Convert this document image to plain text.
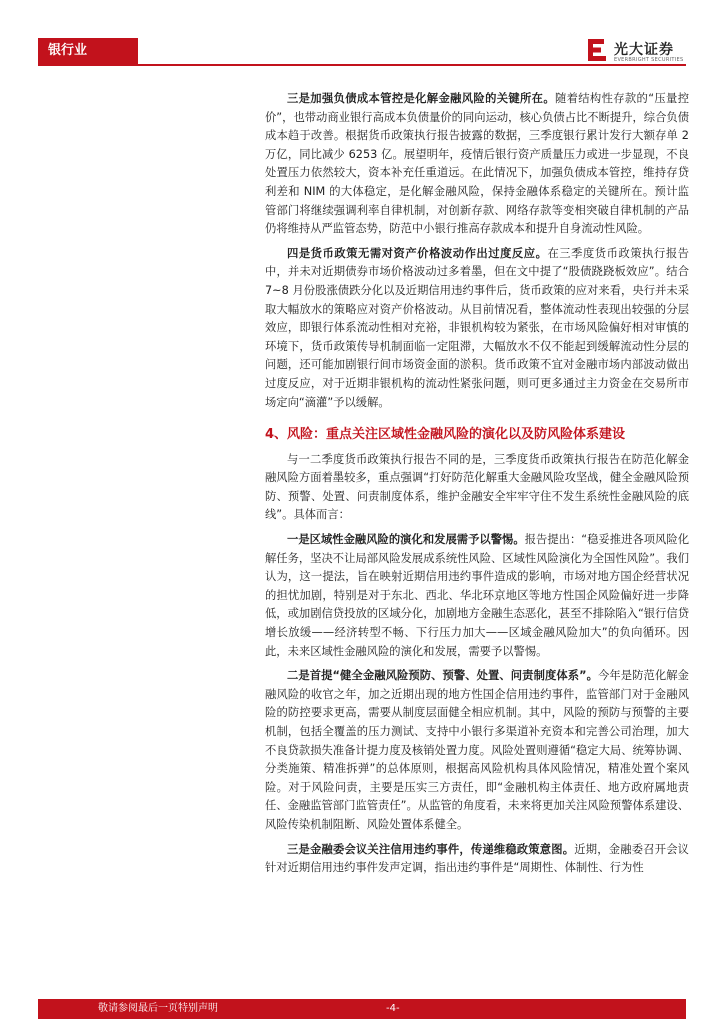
银行业	光大证券
EVERBRIGHT SECURITIES

三是加强负债成本管控是化解金融风险的关键所在。随着结构性存款的“压量控价”，也带动商业银行高成本负债量价的同向运动，核心负债占比不断提升，综合负债成本趋于改善。根据货币政策执行报告披露的数据，三季度银行累计发行大额存单 2 万亿，同比减少 6253 亿。展望明年，疫情后银行资产质量压力或进一步显现，不良处置压力依然较大，资本补充任重道远。在此情况下，加强负债成本管控，维持存贷利差和 NIM 的大体稳定，是化解金融风险，保持金融体系稳定的关键所在。预计监管部门将继续强调利率自律机制，对创新存款、网络存款等变相突破自律机制的产品仍将维持从严监管态势，防范中小银行推高存款成本和提升自身流动性风险。

四是货币政策无需对资产价格波动作出过度反应。在三季度货币政策执行报告中，并未对近期债券市场价格波动过多着墨，但在文中提了“股债跷跷板效应”。结合 7~8 月份股涨债跌分化以及近期信用违约事件后，货币政策的应对来看，央行并未采取大幅放水的策略应对资产价格波动。从目前情况看，整体流动性表现出较强的分层效应，即银行体系流动性相对充裕，非银机构较为紧张，在市场风险偏好相对审慎的环境下，货币政策传导机制面临一定阻滞，大幅放水不仅不能起到缓解流动性分层的问题，还可能加剧银行间市场资金面的淤积。货币政策不宜对金融市场内部波动做出过度反应，对于近期非银机构的流动性紧张问题，则可更多通过主力资金在交易所市场定向“滴灌”予以缓解。

4、风险：重点关注区域性金融风险的演化以及防风险体系建设

与一二季度货币政策执行报告不同的是，三季度货币政策执行报告在防范化解金融风险方面着墨较多，重点强调“打好防范化解重大金融风险攻坚战，健全金融风险预防、预警、处置、问责制度体系，维护金融安全牢牢守住不发生系统性金融风险的底线”。具体而言：

一是区域性金融风险的演化和发展需予以警惕。报告提出：“稳妥推进各项风险化解任务，坚决不让局部风险发展成系统性风险、区域性风险演化为全国性风险”。我们认为，这一提法，旨在映射近期信用违约事件造成的影响，市场对地方国企经营状况的担忧加剧，特别是对于东北、西北、华北环京地区等地方性国企风险偏好进一步降低，或加剧信贷投放的区域分化，加剧地方金融生态恶化，甚至不排除陷入“银行信贷增长放缓——经济转型不畅、下行压力加大——区域金融风险加大”的负向循环。因此，未来区域性金融风险的演化和发展，需要予以警惕。

二是首提“健全金融风险预防、预警、处置、问责制度体系”。今年是防范化解金融风险的收官之年，加之近期出现的地方性国企信用违约事件，监管部门对于金融风险的防控要求更高，需要从制度层面健全相应机制。其中，风险的预防与预警的主要机制，包括全覆盖的压力测试、支持中小银行多渠道补充资本和完善公司治理，加大不良贷款损失准备计提力度及核销处置力度。风险处置则遵循“稳定大局、统筹协调、分类施策、精准拆弹”的总体原则，根据高风险机构具体风险情况，精准处置个案风险。对于风险问责，主要是压实三方责任，即“金融机构主体责任、地方政府属地责任、金融监管部门监管责任”。从监管的角度看，未来将更加关注风险预警体系建设、风险传染机制阻断、风险处置体系健全。

三是金融委会议关注信用违约事件，传递维稳政策意图。近期，金融委召开会议针对近期信用违约事件发声定调，指出违约事件是“周期性、体制性、行为性

敬请参阅最后一页特别声明	-4-
